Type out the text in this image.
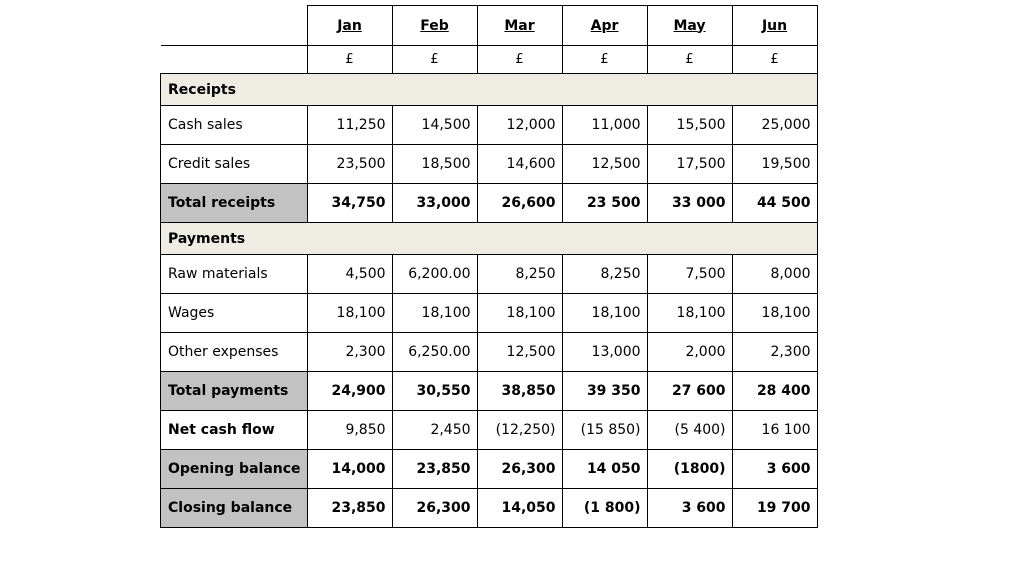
	Jan	Feb	Mar	Apr	May	Jun
	£	£	£	£	£	£
Receipts						
Cash sales	11,250	14,500	12,000	11,000	15,500	25,000
Credit sales	23,500	18,500	14,600	12,500	17,500	19,500
Total receipts	34,750	33,000	26,600	23 500	33 000	44 500
Payments						
Raw materials	4,500	6,200.00	8,250	8,250	7,500	8,000
Wages	18,100	18,100	18,100	18,100	18,100	18,100
Other expenses	2,300	6,250.00	12,500	13,000	2,000	2,300
Total payments	24,900	30,550	38,850	39 350	27 600	28 400
Net cash flow	9,850	2,450	(12,250)	(15 850)	(5 400)	16 100
Opening balance	14,000	23,850	26,300	14 050	(1800)	3 600
Closing balance	23,850	26,300	14,050	(1 800)	3 600	19 700
